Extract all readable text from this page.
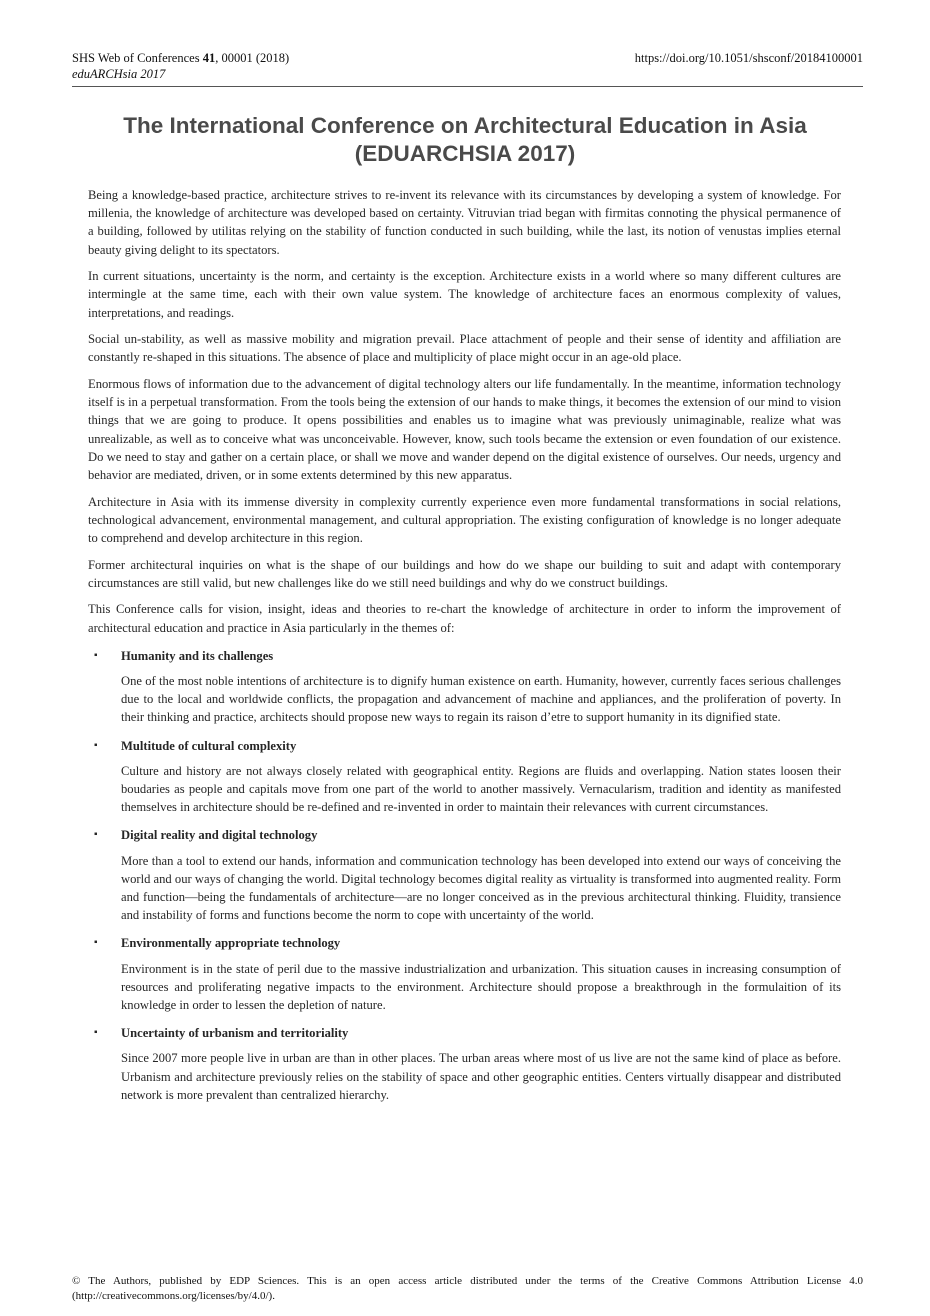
SHS Web of Conferences 41, 00001 (2018)	https://doi.org/10.1051/shsconf/20184100001
eduARCHsia 2017
The International Conference on Architectural Education in Asia (EDUARCHSIA 2017)

Being a knowledge-based practice, architecture strives to re-invent its relevance with its circumstances by developing a system of knowledge. For millenia, the knowledge of architecture was developed based on certainty. Vitruvian triad began with firmitas connoting the physical permanence of a building, followed by utilitas relying on the stability of function conducted in such building, while the last, its notion of venustas implies eternal beauty giving delight to its spectators.

In current situations, uncertainty is the norm, and certainty is the exception. Architecture exists in a world where so many different cultures are intermingle at the same time, each with their own value system. The knowledge of architecture faces an enormous complexity of values, interpretations, and readings.

Social un-stability, as well as massive mobility and migration prevail. Place attachment of people and their sense of identity and affiliation are constantly re-shaped in this situations. The absence of place and multiplicity of place might occur in an age-old place.

Enormous flows of information due to the advancement of digital technology alters our life fundamentally. In the meantime, information technology itself is in a perpetual transformation. From the tools being the extension of our hands to make things, it becomes the extension of our mind to vision things that we are going to produce. It opens possibilities and enables us to imagine what was previously unimaginable, realize what was unrealizable, as well as to conceive what was unconceivable. However, know, such tools became the extension or even foundation of our existence. Do we need to stay and gather on a certain place, or shall we move and wander depend on the digital existence of ourselves. Our needs, urgency and behavior are mediated, driven, or in some extents determined by this new apparatus.

Architecture in Asia with its immense diversity in complexity currently experience even more fundamental transformations in social relations, technological advancement, environmental management, and cultural appropriation. The existing configuration of knowledge is no longer adequate to comprehend and develop architecture in this region.

Former architectural inquiries on what is the shape of our buildings and how do we shape our building to suit and adapt with contemporary circumstances are still valid, but new challenges like do we still need buildings and why do we construct buildings.

This Conference calls for vision, insight, ideas and theories to re-chart the knowledge of architecture in order to inform the improvement of architectural education and practice in Asia particularly in the themes of:

▪ Humanity and its challenges
One of the most noble intentions of architecture is to dignify human existence on earth. Humanity, however, currently faces serious challenges due to the local and worldwide conflicts, the propagation and advancement of machine and appliances, and the proliferation of poverty. In their thinking and practice, architects should propose new ways to regain its raison d’etre to support humanity in its dignified state.
▪ Multitude of cultural complexity
Culture and history are not always closely related with geographical entity. Regions are fluids and overlapping. Nation states loosen their boudaries as people and capitals move from one part of the world to another massively. Vernacularism, tradition and identity as manifested themselves in architecture should be re-defined and re-invented in order to maintain their relevances with current circumstances.
▪ Digital reality and digital technology
More than a tool to extend our hands, information and communication technology has been developed into extend our ways of conceiving the world and our ways of changing the world. Digital technology becomes digital reality as virtuality is transformed into augmented reality. Form and function—being the fundamentals of architecture—are no longer conceived as in the previous architectural thinking. Fluidity, transience and instability of forms and functions become the norm to cope with uncertainty of the world.
▪ Environmentally appropriate technology
Environment is in the state of peril due to the massive industrialization and urbanization. This situation causes in increasing consumption of resources and proliferating negative impacts to the environment. Architecture should propose a breakthrough in the formulaition of its knowledge in order to lessen the depletion of nature.
▪ Uncertainty of urbanism and territoriality
Since 2007 more people live in urban are than in other places. The urban areas where most of us live are not the same kind of place as before. Urbanism and architecture previously relies on the stability of space and other geographic entities. Centers virtually disappear and distributed network is more prevalent than centralized hierarchy.
© The Authors, published by EDP Sciences. This is an open access article distributed under the terms of the Creative Commons Attribution License 4.0 (http://creativecommons.org/licenses/by/4.0/).
